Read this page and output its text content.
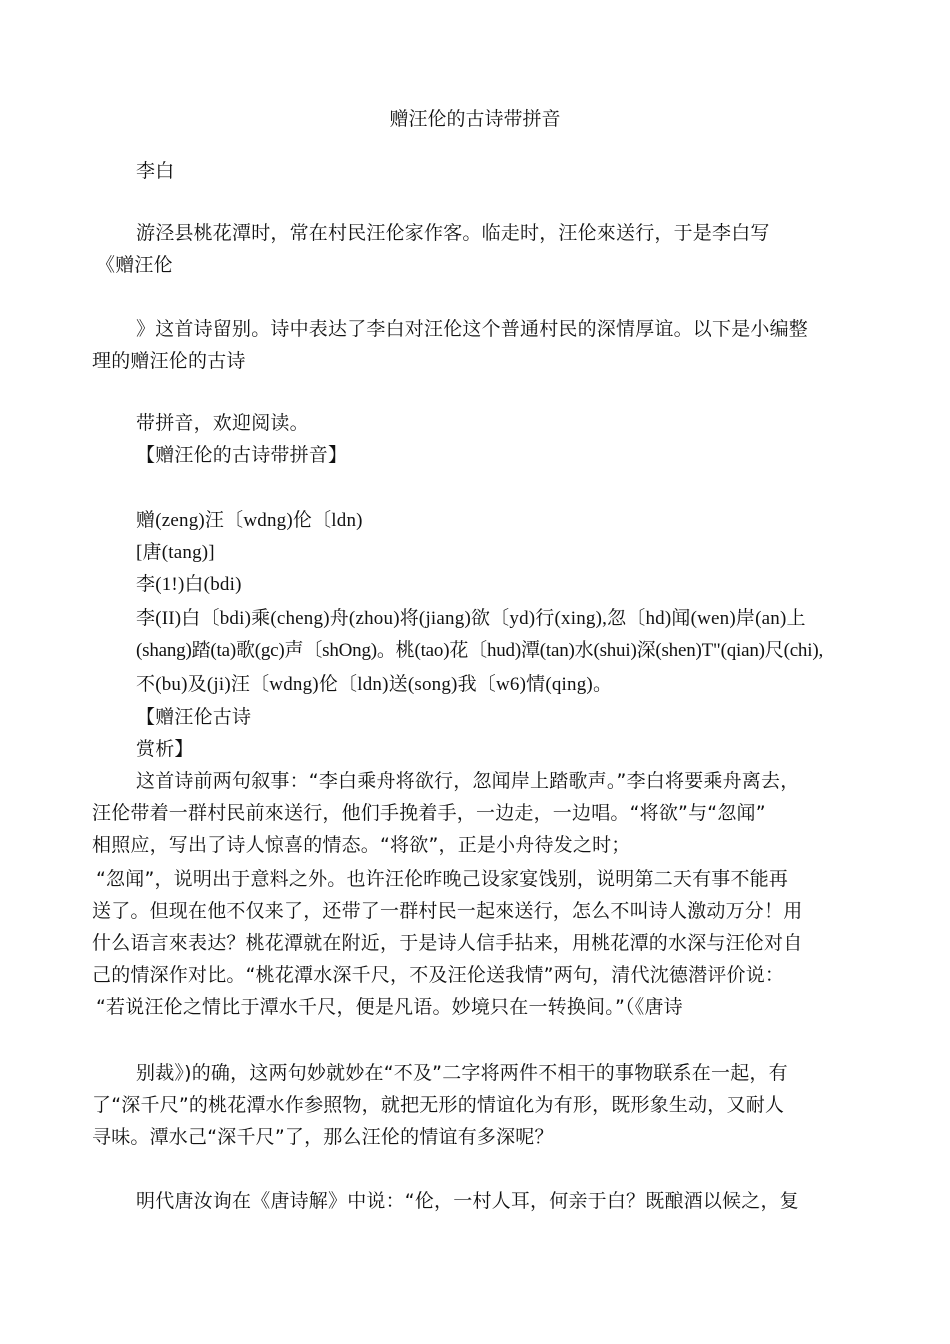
赠汪伦的古诗带拼音
李白
游泾县桃花潭时，常在村民汪伦家作客。临走时，汪伦來送行，于是李白写
《赠汪伦
》这首诗留别。诗中表达了李白对汪伦这个普通村民的深情厚谊。以下是小编整
理的赠汪伦的古诗
带拼音，欢迎阅读。
【赠汪伦的古诗带拼音】
赠(zeng)汪〔wdng)伦〔ldn)
[唐(tang)]
李(1!)白(bdi)
李(II)白〔bdi)乘(cheng)舟(zhou)将(jiang)欲〔yd)行(xing),忽〔hd)闻(wen)岸(an)上
(shang)踏(ta)歌(gc)声〔shOng)。桃(tao)花〔hud)潭(tan)水(shui)深(shen)T"(qian)尺(chi),
不(bu)及(ji)汪〔wdng)伦〔ldn)送(song)我〔w6)情(qing)。
【赠汪伦古诗
赏析】
这首诗前两句叙事：“李白乘舟将欲行，忽闻岸上踏歌声。”李白将要乘舟离去，
汪伦带着一群村民前來送行，他们手挽着手，一边走，一边唱。“将欲”与“忽闻”
相照应，写出了诗人惊喜的情态。“将欲”，正是小舟待发之时；
“忽闻”，说明出于意料之外。也许汪伦昨晚己设家宴饯别，说明第二天有事不能再
送了。但现在他不仅来了，还带了一群村民一起來送行，怎么不叫诗人激动万分！用
什么语言來表达？桃花潭就在附近，于是诗人信手拈来，用桃花潭的水深与汪伦对自
己的情深作对比。“桃花潭水深千尺，不及汪伦送我情”两句，清代沈德潜评价说：
“若说汪伦之情比于潭水千尺，便是凡语。妙境只在一转换间。”（《唐诗
别裁》)的确，这两句妙就妙在“不及”二字将两件不相干的事物联系在一起，有
了“深千尺”的桃花潭水作参照物，就把无形的情谊化为有形，既形象生动，又耐人
寻味。潭水己“深千尺”了，那么汪伦的情谊有多深呢？
明代唐汝询在《唐诗解》中说：“伦，一村人耳，何亲于白？既酿酒以候之，复
